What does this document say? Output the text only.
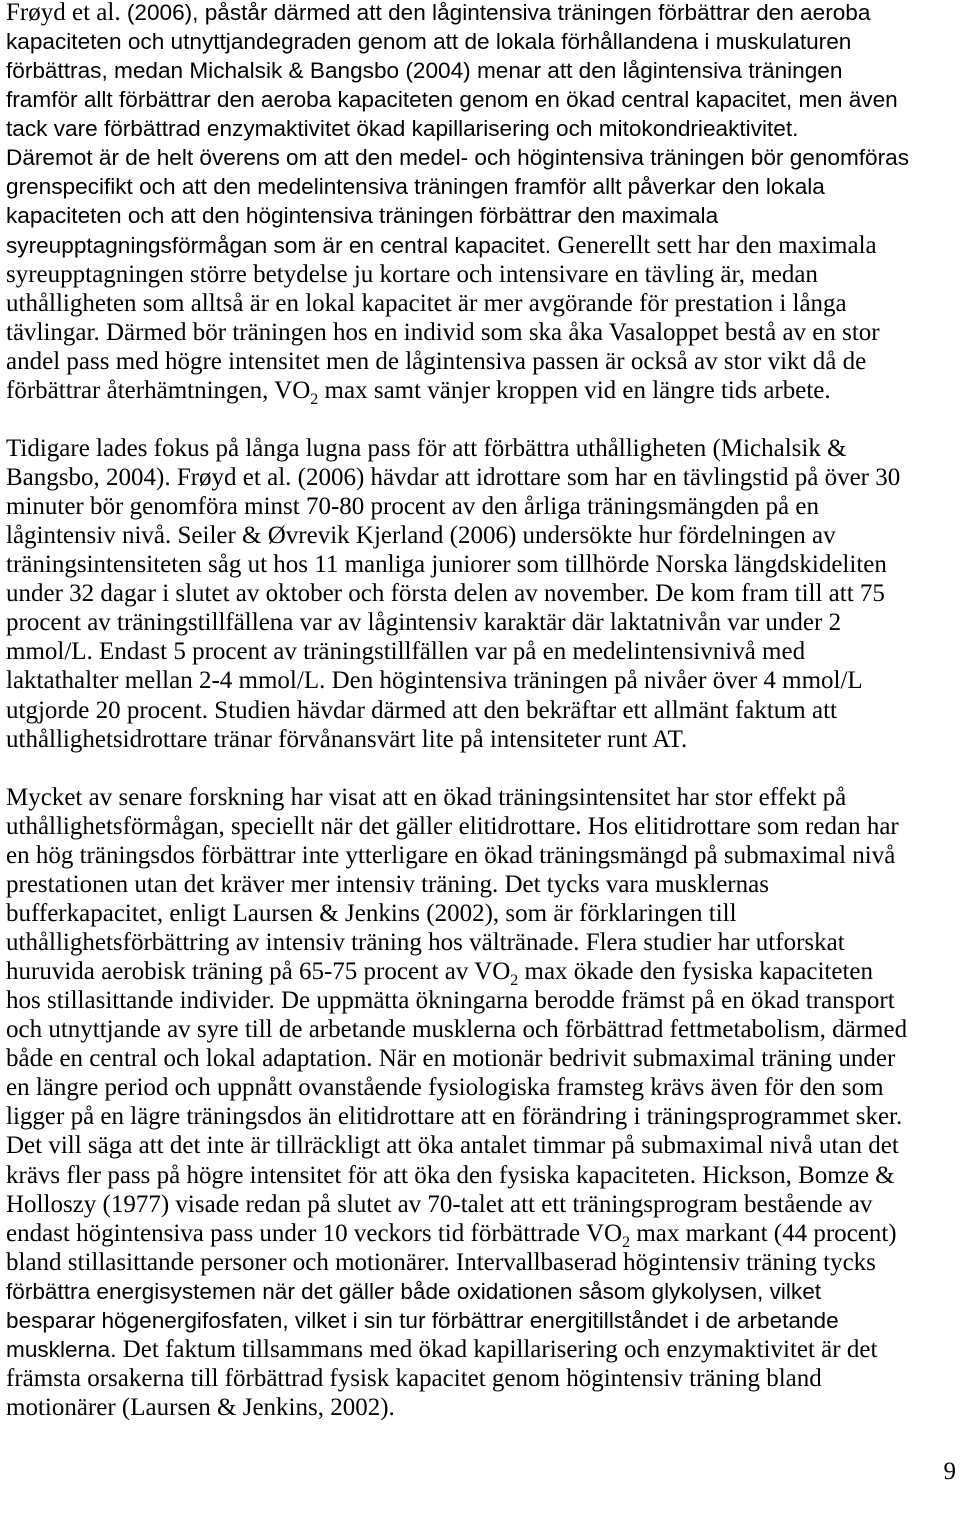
Frøyd et al. (2006), påstår därmed att den lågintensiva träningen förbättrar den aeroba
kapaciteten och utnyttjandegraden genom att de lokala förhållandena i muskulaturen
förbättras, medan Michalsik & Bangsbo (2004) menar att den lågintensiva träningen
framför allt förbättrar den aeroba kapaciteten genom en ökad central kapacitet, men även
tack vare förbättrad enzymaktivitet ökad kapillarisering och mitokondrieaktivitet.
Däremot är de helt överens om att den medel- och högintensiva träningen bör genomföras
grenspecifikt och att den medelintensiva träningen framför allt påverkar den lokala
kapaciteten och att den högintensiva träningen förbättrar den maximala
syreupptagningsförmågan som är en central kapacitet. Generellt sett har den maximala
syreupptagningen större betydelse ju kortare och intensivare en tävling är, medan
uthålligheten som alltså är en lokal kapacitet är mer avgörande för prestation i långa
tävlingar. Därmed bör träningen hos en individ som ska åka Vasaloppet bestå av en stor
andel pass med högre intensitet men de lågintensiva passen är också av stor vikt då de
förbättrar återhämtningen, $VO_2$ max samt vänjer kroppen vid en längre tids arbete.
Tidigare lades fokus på långa lugna pass för att förbättra uthålligheten (Michalsik &
Bangsbo, 2004). Frøyd et al. (2006) hävdar att idrottare som har en tävlingstid på över 30
minuter bör genomföra minst 70-80 procent av den årliga träningsmängden på en
lågintensiv nivå. Seiler & Øvrevik Kjerland (2006) undersökte hur fördelningen av
träningsintensiteten såg ut hos 11 manliga juniorer som tillhörde Norska längdskideliten
under 32 dagar i slutet av oktober och första delen av november. De kom fram till att 75
procent av träningstillfällena var av lågintensiv karaktär där laktatnivån var under 2
mmol/L. Endast 5 procent av träningstillfällen var på en medelintensivnivå med
laktathalter mellan 2-4 mmol/L. Den högintensiva träningen på nivåer över 4 mmol/L
utgjorde 20 procent. Studien hävdar därmed att den bekräftar ett allmänt faktum att
uthållighetsidrottare tränar förvånansvärt lite på intensiteter runt AT.
Mycket av senare forskning har visat att en ökad träningsintensitet har stor effekt på
uthållighetsförmågan, speciellt när det gäller elitidrottare. Hos elitidrottare som redan har
en hög träningsdos förbättrar inte ytterligare en ökad träningsmängd på submaximal nivå
prestationen utan det kräver mer intensiv träning. Det tycks vara musklernas
bufferkapacitet, enligt Laursen & Jenkins (2002), som är förklaringen till
uthållighetsförbättring av intensiv träning hos vältränade. Flera studier har utforskat
huruvida aerobisk träning på 65-75 procent av $VO_2$ max ökade den fysiska kapaciteten
hos stillasittande individer. De uppmätta ökningarna berodde främst på en ökad transport
och utnyttjande av syre till de arbetande musklerna och förbättrad fettmetabolism, därmed
både en central och lokal adaptation. När en motionär bedrivit submaximal träning under
en längre period och uppnått ovanstående fysiologiska framsteg krävs även för den som
ligger på en lägre träningsdos än elitidrottare att en förändring i träningsprogrammet sker.
Det vill säga att det inte är tillräckligt att öka antalet timmar på submaximal nivå utan det
krävs fler pass på högre intensitet för att öka den fysiska kapaciteten. Hickson, Bomze &
Holloszy (1977) visade redan på slutet av 70-talet att ett träningsprogram bestående av
endast högintensiva pass under 10 veckors tid förbättrade $VO_2$ max markant (44 procent)
bland stillasittande personer och motionärer. Intervallbaserad högintensiv träning tycks
förbättra energisystemen när det gäller både oxidationen såsom glykolysen, vilket
besparar högenergifosfaten, vilket i sin tur förbättrar energitillståndet i de arbetande
musklerna. Det faktum tillsammans med ökad kapillarisering och enzymaktivitet är det
främsta orsakerna till förbättrad fysisk kapacitet genom högintensiv träning bland
motionärer (Laursen & Jenkins, 2002).
9
